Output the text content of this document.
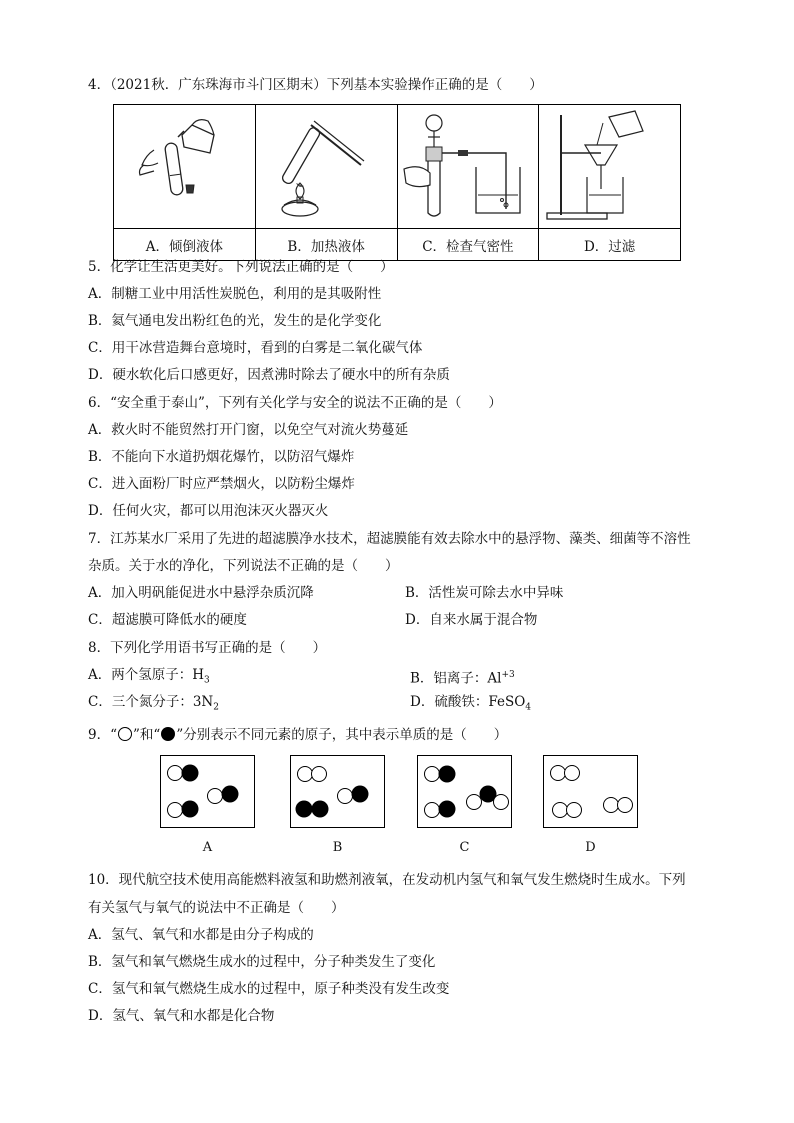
4．（2021秋．广东珠海市斗门区期末）下列基本实验操作正确的是（　　）

A．倾倒液体	B．加热液体	C．检查气密性	D．过滤
5．化学让生活更美好。下列说法正确的是（　　）
A．制糖工业中用活性炭脱色，利用的是其吸附性
B．氦气通电发出粉红色的光，发生的是化学变化
C．用干冰营造舞台意境时，看到的白雾是二氧化碳气体
D．硬水软化后口感更好，因煮沸时除去了硬水中的所有杂质
6．“安全重于泰山”，下列有关化学与安全的说法不正确的是（　　）
A．救火时不能贸然打开门窗，以免空气对流火势蔓延
B．不能向下水道扔烟花爆竹，以防沼气爆炸
C．进入面粉厂时应严禁烟火，以防粉尘爆炸
D．任何火灾，都可以用泡沫灭火器灭火
7．江苏某水厂采用了先进的超滤膜净水技术，超滤膜能有效去除水中的悬浮物、藻类、细菌等不溶性
杂质。关于水的净化，下列说法不正确的是（　　）
A．加入明矾能促进水中悬浮杂质沉降	B．活性炭可除去水中异味
C．超滤膜可降低水的硬度	D．自来水属于混合物
8．下列化学用语书写正确的是（　　）
A．两个氢原子：$H_3$	B．铝离子：$Al^{+3}$
C．三个氮分子：$3N_2$	D．硫酸铁：FeSO$_4$
9．“ ”和“ ”分别表示不同元素的原子，其中表示单质的是（　　）
A	B	C	D
10．现代航空技术使用高能燃料液氢和助燃剂液氧，在发动机内氢气和氧气发生燃烧时生成水。下列
有关氢气与氧气的说法中不正确是（　　）
A．氢气、氧气和水都是由分子构成的
B．氢气和氧气燃烧生成水的过程中，分子种类发生了变化
C．氢气和氧气燃烧生成水的过程中，原子种类没有发生改变
D．氢气、氧气和水都是化合物
